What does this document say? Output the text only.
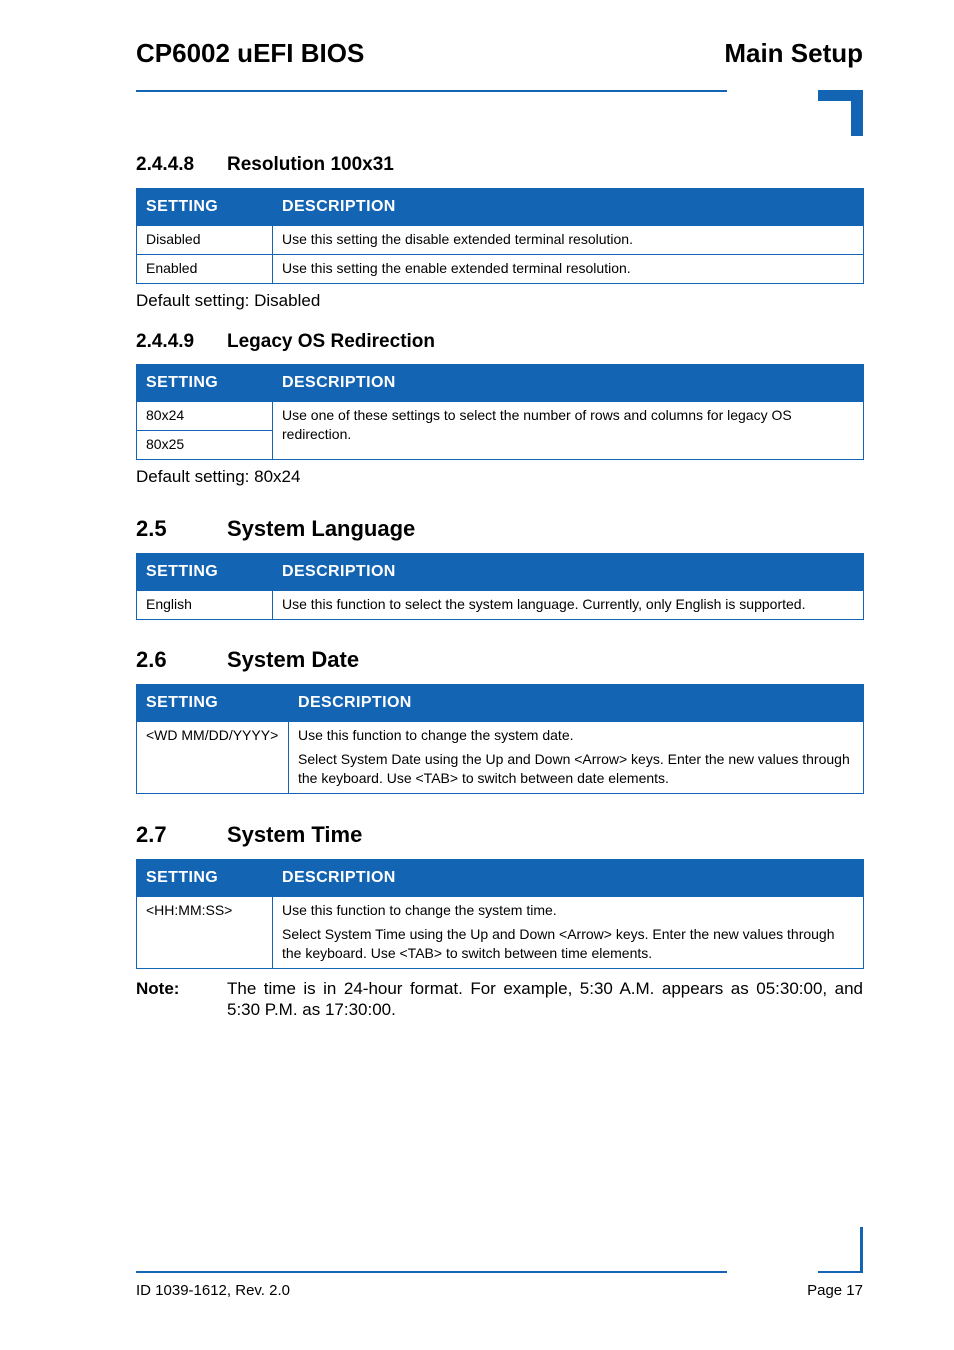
CP6002 uEFI BIOS	Main Setup
2.4.4.8 Resolution 100x31
SETTING	DESCRIPTION
Disabled	Use this setting the disable extended terminal resolution.
Enabled	Use this setting the enable extended terminal resolution.
Default setting: Disabled
2.4.4.9 Legacy OS Redirection
SETTING	DESCRIPTION
80x24	Use one of these settings to select the number of rows and columns for legacy OS redirection.
80x25	
Default setting: 80x24
2.5	System Language
SETTING	DESCRIPTION
English	Use this function to select the system language. Currently, only English is supported.
2.6	System Date
SETTING	DESCRIPTION
<WD MM/DD/YYYY>	Use this function to change the system date.

Select System Date using the Up and Down <Arrow> keys. Enter the new values through the keyboard. Use <TAB> to switch between date elements.

2.7	System Time
SETTING	DESCRIPTION
<HH:MM:SS>	Use this function to change the system time.

Select System Time using the Up and Down <Arrow> keys. Enter the new values through the keyboard. Use <TAB> to switch between time elements.

Note:	The time is in 24-hour format. For example, 5:30 A.M. appears as 05:30:00, and 5:30 P.M. as 17:30:00.
ID 1039-1612, Rev. 2.0	Page 17
